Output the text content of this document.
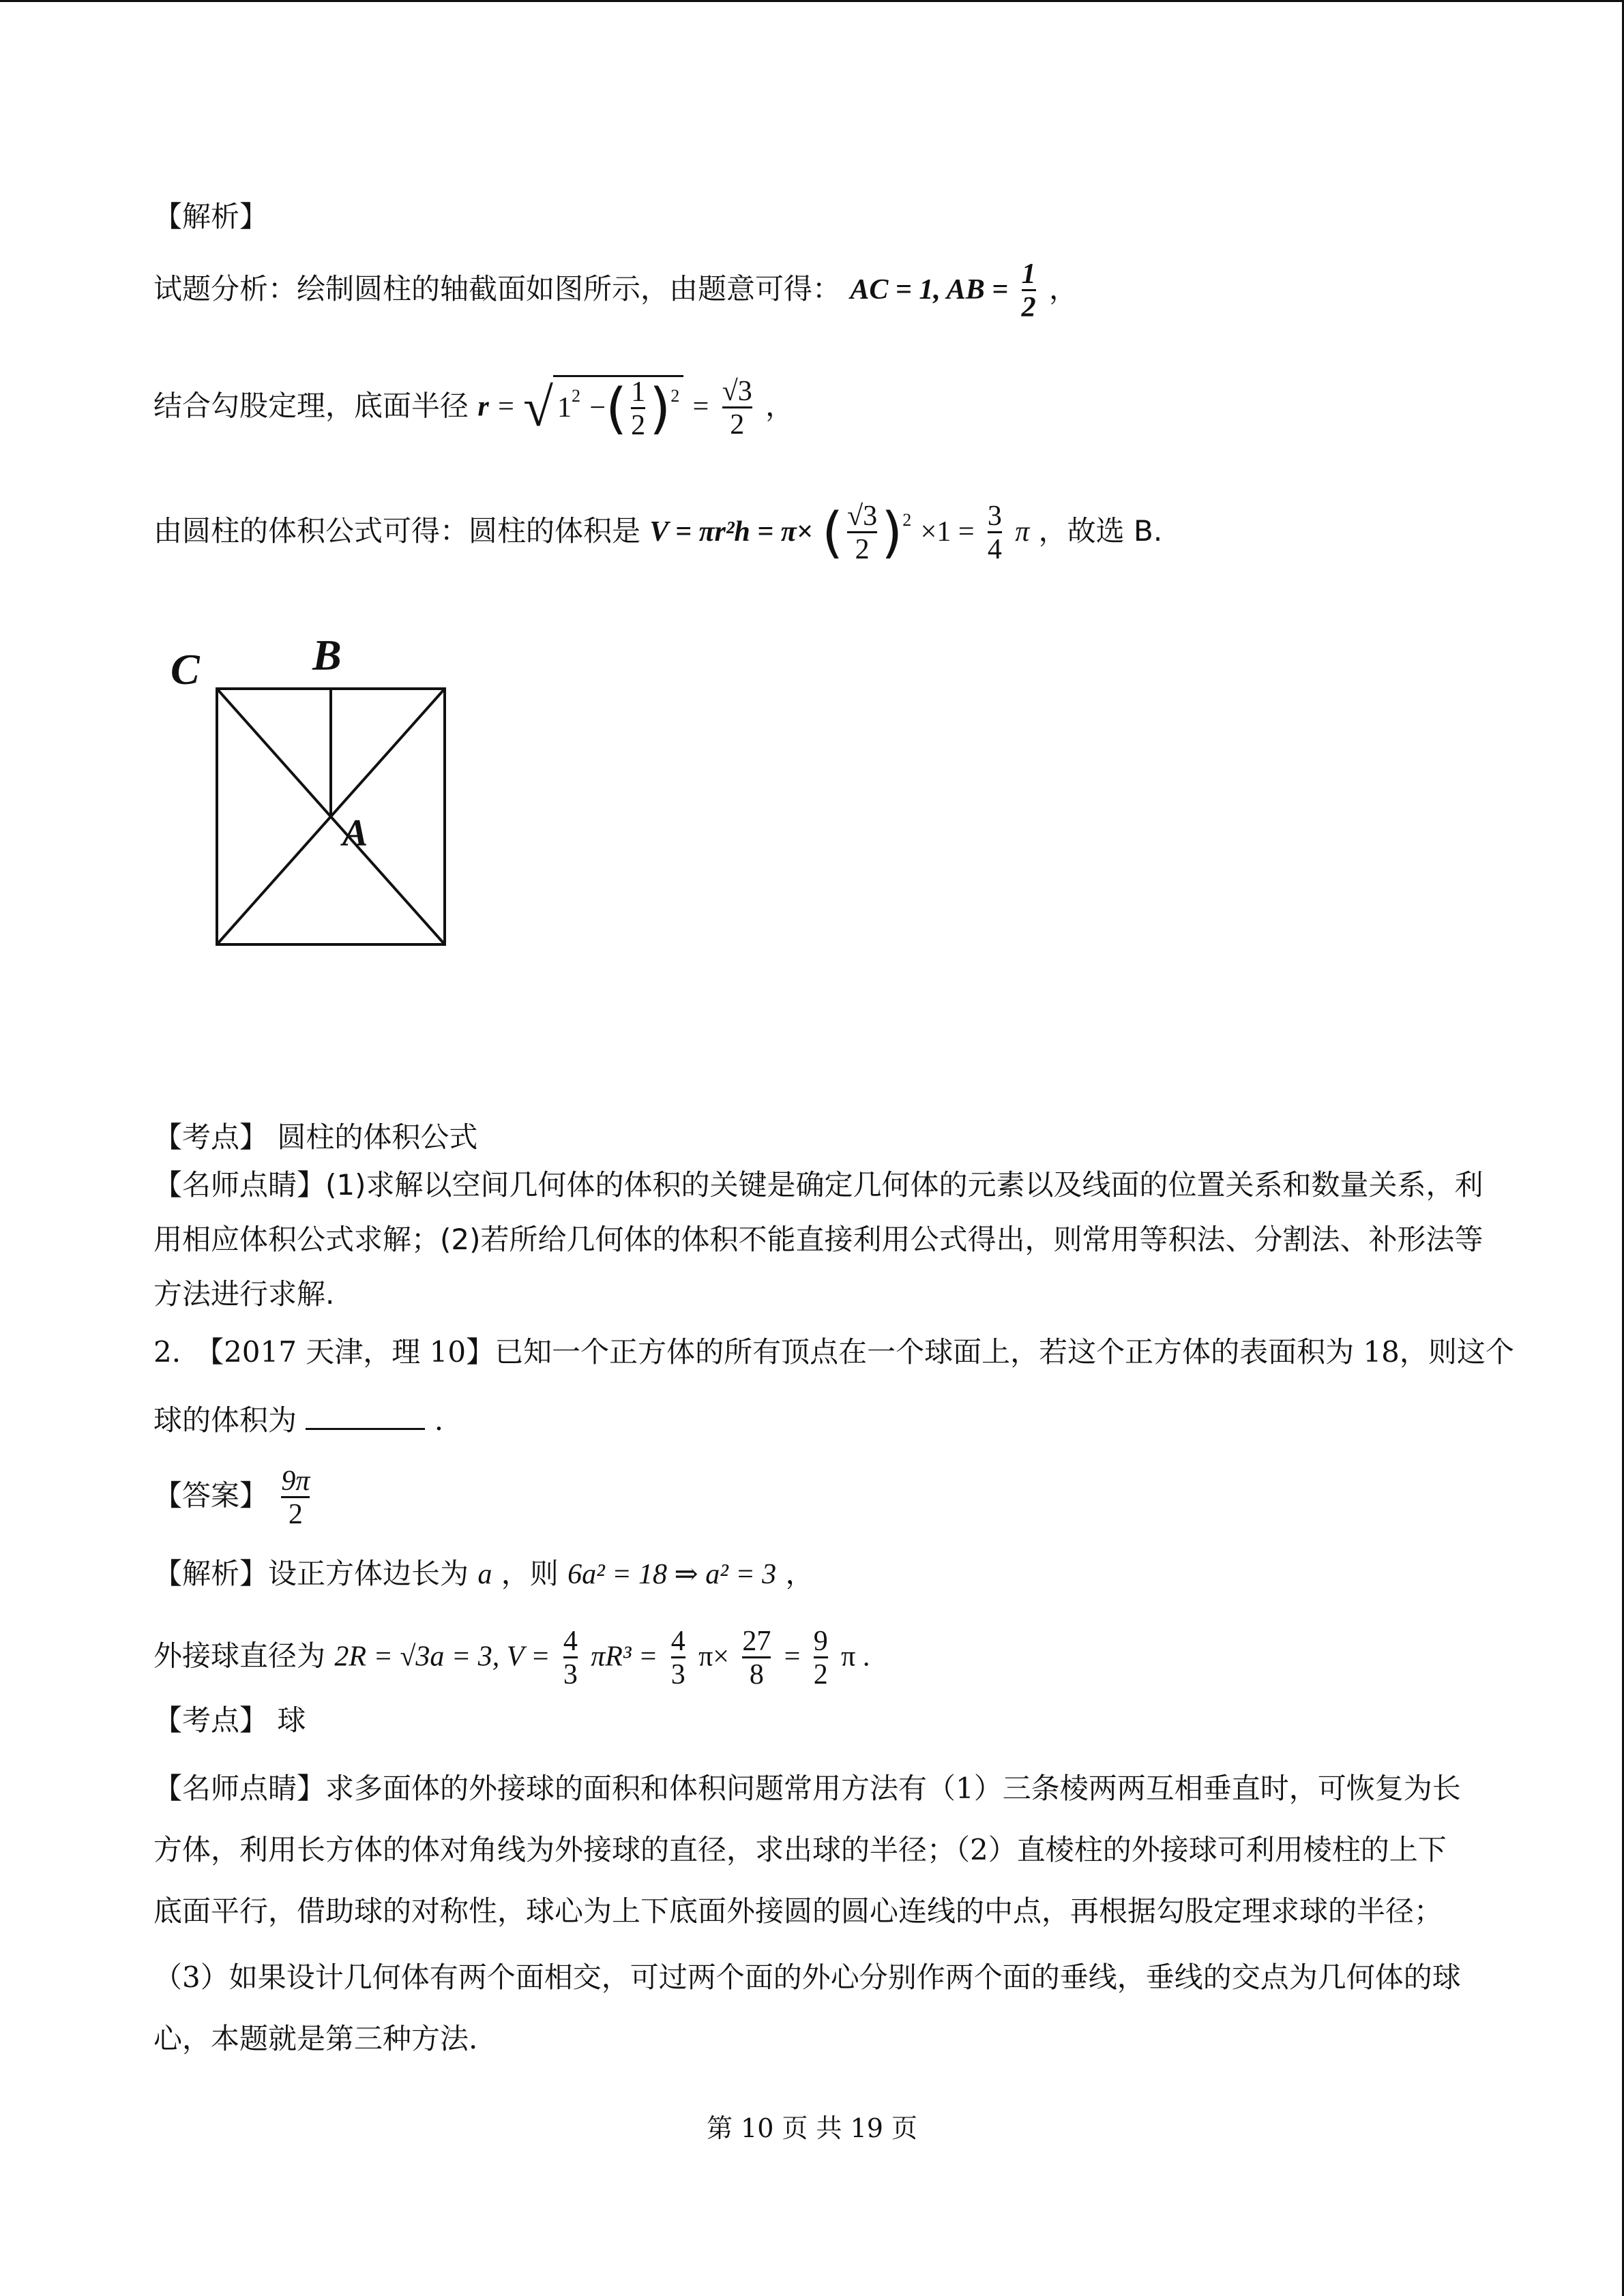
【解析】
试题分析：绘制圆柱的轴截面如图所示，由题意可得： AC = 1, AB = $\frac{1}{2}$ ，
结合勾股定理，底面半径 r = √ $1^2$ −( $\frac{1}{2} )^2 = \frac{√3}{2}$ ，
由圆柱的体积公式可得：圆柱的体积是 V = πr²h = π× ( $\frac{√3}{2} )^2 \times 1 = \frac{3}{4}$ π ，故选 B.
C	B
A
【考点】 圆柱的体积公式
【名师点睛】(1)求解以空间几何体的体积的关键是确定几何体的元素以及线面的位置关系和数量关系，利
用相应体积公式求解；(2)若所给几何体的体积不能直接利用公式得出，则常用等积法、分割法、补形法等
方法进行求解.
2.　【2017 天津，理 10】已知一个正方体的所有顶点在一个球面上，若这个正方体的表面积为 18，则这个
球的体积为	.
【答案】 $\frac{9\pi}{2}$
【解析】设正方体边长为 a ，则 6a² = 18 ⇒ a² = 3 ，
外接球直径为 2R = √3a = 3, $V = \frac{4}{3} \pi R^3 = \frac{4}{3} \pi\times \frac{27}{8} = \frac{9}{2}$ π .
【考点】 球
【名师点睛】求多面体的外接球的面积和体积问题常用方法有（1）三条棱两两互相垂直时，可恢复为长
方体，利用长方体的体对角线为外接球的直径，求出球的半径；（2）直棱柱的外接球可利用棱柱的上下
底面平行，借助球的对称性，球心为上下底面外接圆的圆心连线的中点，再根据勾股定理求球的半径；
（3）如果设计几何体有两个面相交，可过两个面的外心分别作两个面的垂线，垂线的交点为几何体的球
心，本题就是第三种方法.
第 10 页 共 19 页
